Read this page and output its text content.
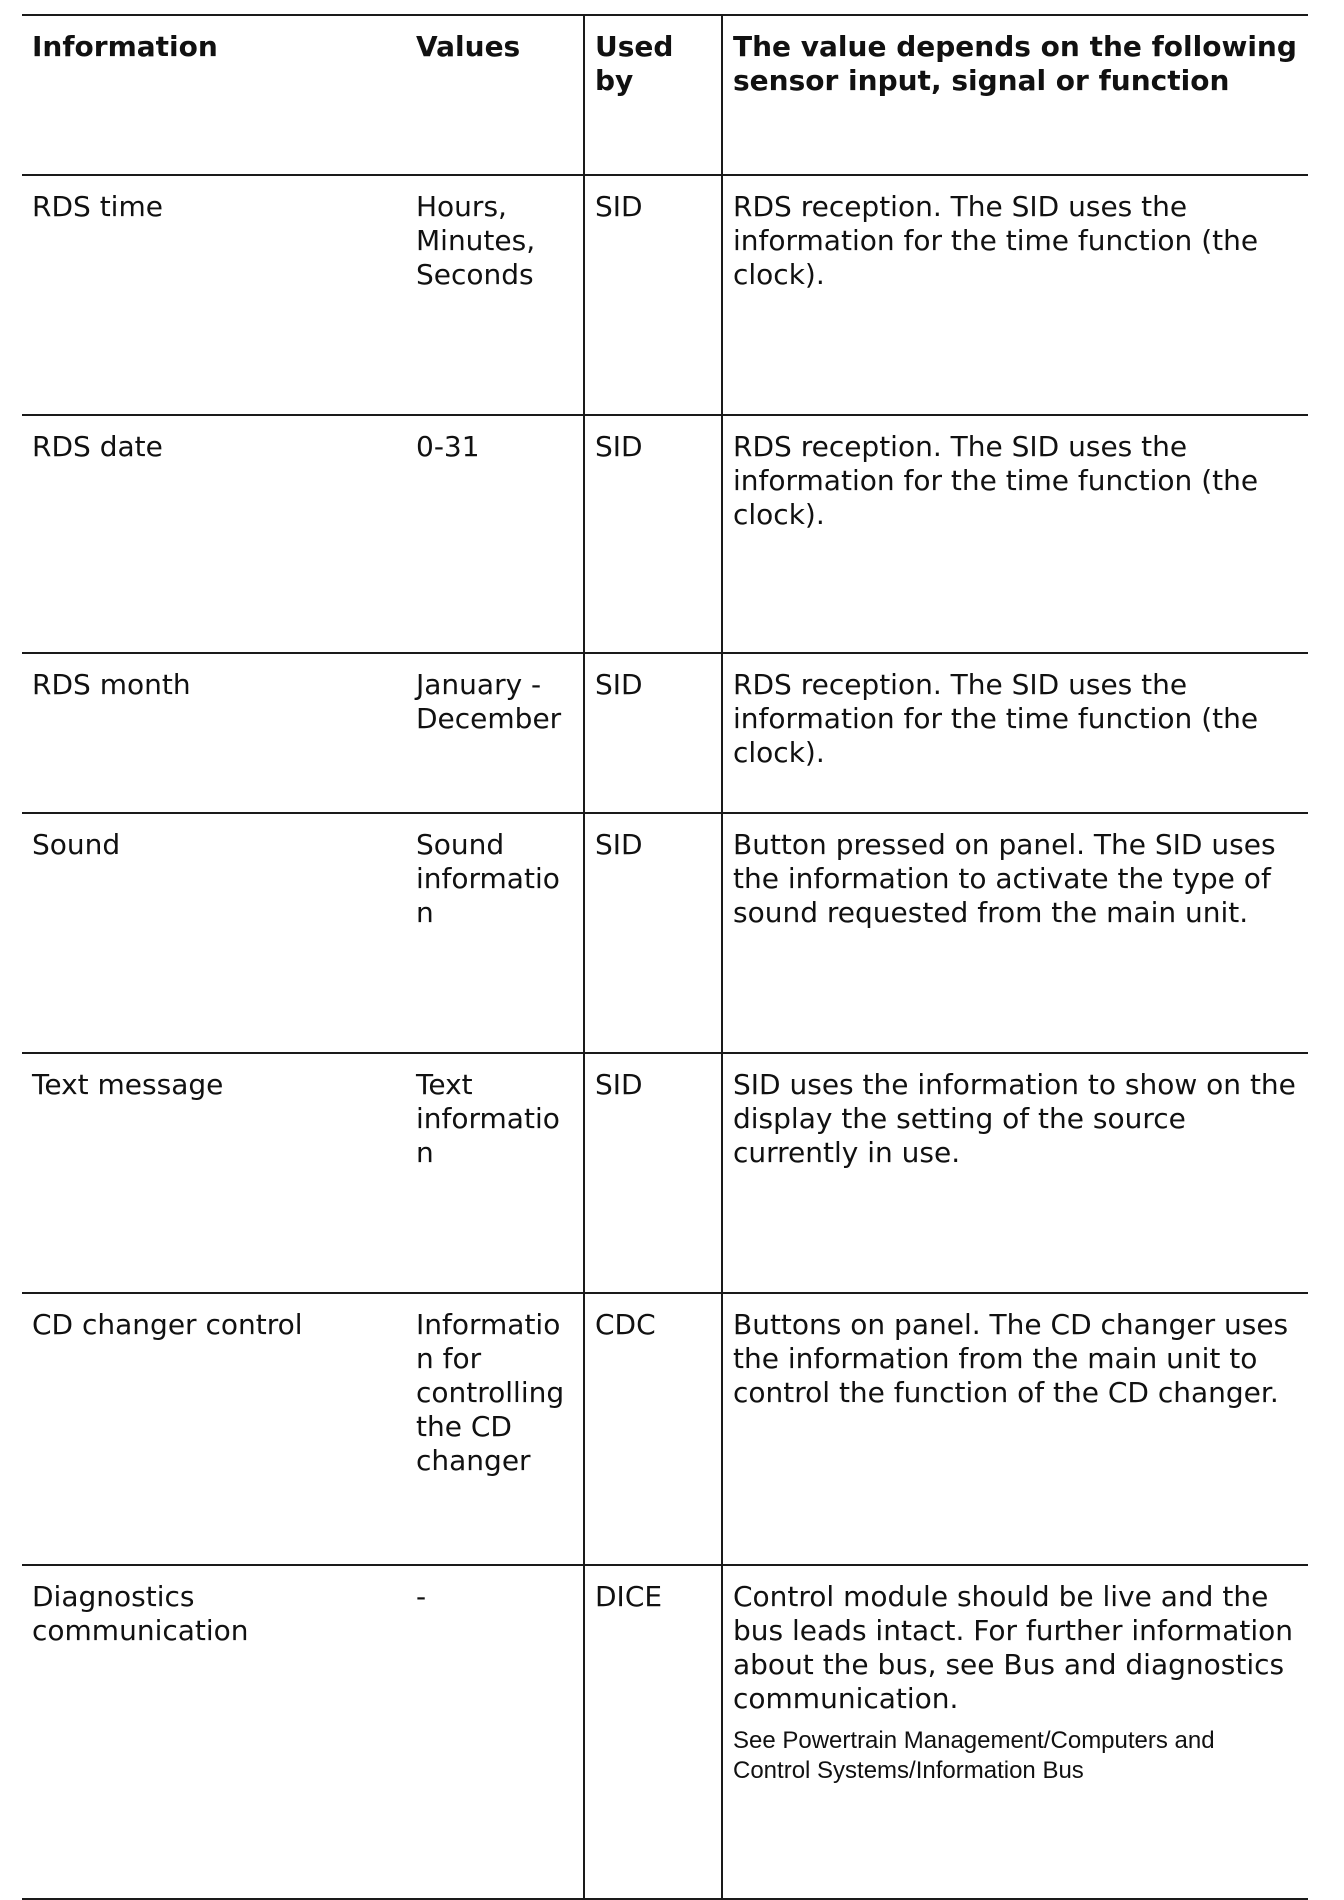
Information	Values	Used by	The value depends on the following sensor input, signal or function
RDS time	Hours, Minutes, Seconds	SID	RDS reception. The SID uses the information for the time function (the clock).
RDS date	0-31	SID	RDS reception. The SID uses the information for the time function (the clock).
RDS month	January - December	SID	RDS reception. The SID uses the information for the time function (the clock).
Sound	Sound information	SID	Button pressed on panel. The SID uses the information to activate the type of sound requested from the main unit.
Text message	Text information	SID	SID uses the information to show on the display the setting of the source currently in use.
CD changer control	Information for controlling the CD changer	CDC	Buttons on panel. The CD changer uses the information from the main unit to control the function of the CD changer.
Diagnostics communication	-	DICE	Control module should be live and the bus leads intact. For further information about the bus, see Bus and diagnostics communication.
See Powertrain Management/Computers and Control Systems/Information Bus
